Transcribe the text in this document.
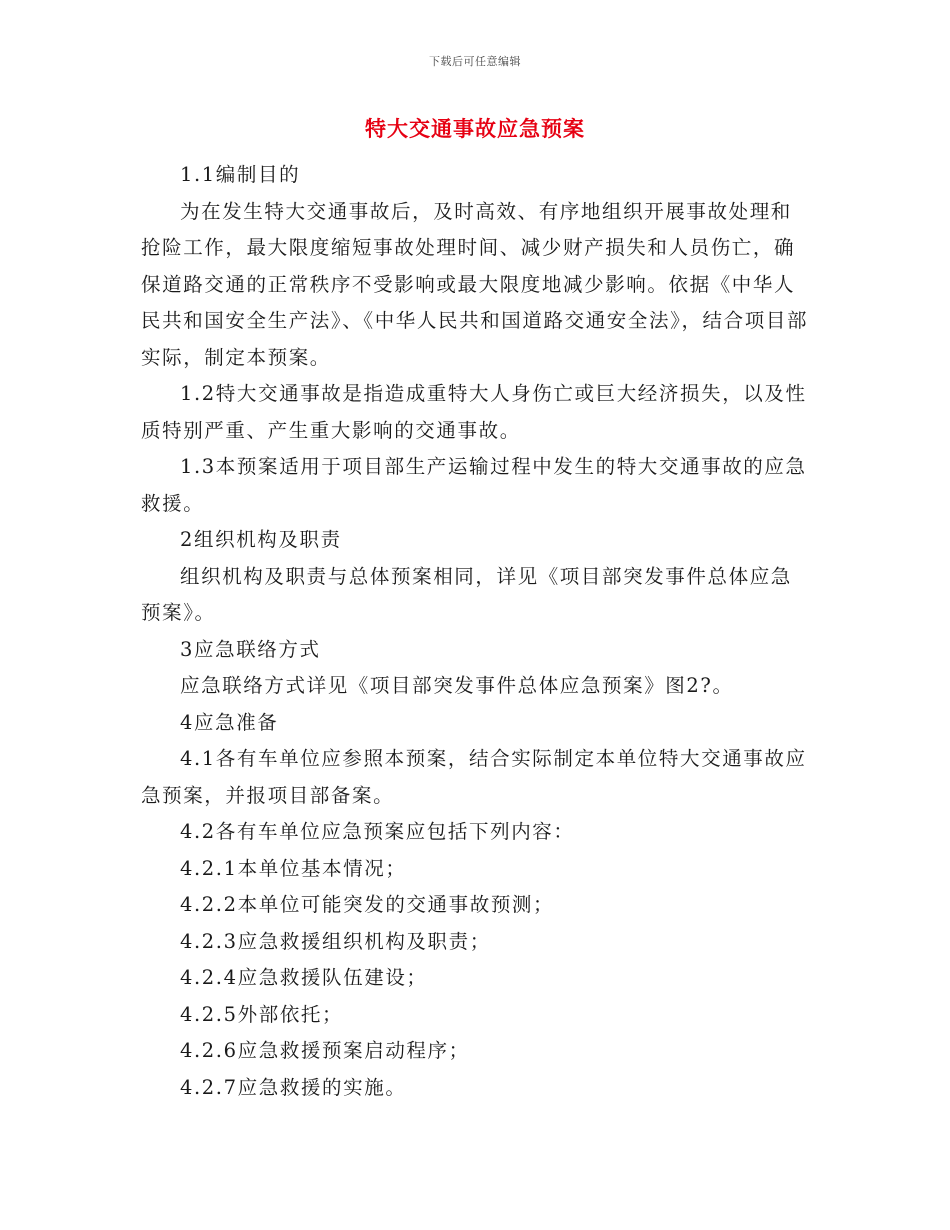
下载后可任意编辑
特大交通事故应急预案

1.1编制目的

为在发生特大交通事故后，及时高效、有序地组织开展事故处理和抢险工作，最大限度缩短事故处理时间、减少财产损失和人员伤亡，确保道路交通的正常秩序不受影响或最大限度地减少影响。依据《中华人民共和国安全生产法》、《中华人民共和国道路交通安全法》，结合项目部实际，制定本预案。

1.2特大交通事故是指造成重特大人身伤亡或巨大经济损失，以及性质特别严重、产生重大影响的交通事故。

1.3本预案适用于项目部生产运输过程中发生的特大交通事故的应急救援。

2组织机构及职责

组织机构及职责与总体预案相同，详见《项目部突发事件总体应急预案》。

3应急联络方式

应急联络方式详见《项目部突发事件总体应急预案》图2?。

4应急准备

4.1各有车单位应参照本预案，结合实际制定本单位特大交通事故应急预案，并报项目部备案。

4.2各有车单位应急预案应包括下列内容：

4.2.1本单位基本情况；

4.2.2本单位可能突发的交通事故预测；

4.2.3应急救援组织机构及职责；

4.2.4应急救援队伍建设；

4.2.5外部依托；

4.2.6应急救援预案启动程序；

4.2.7应急救援的实施。
